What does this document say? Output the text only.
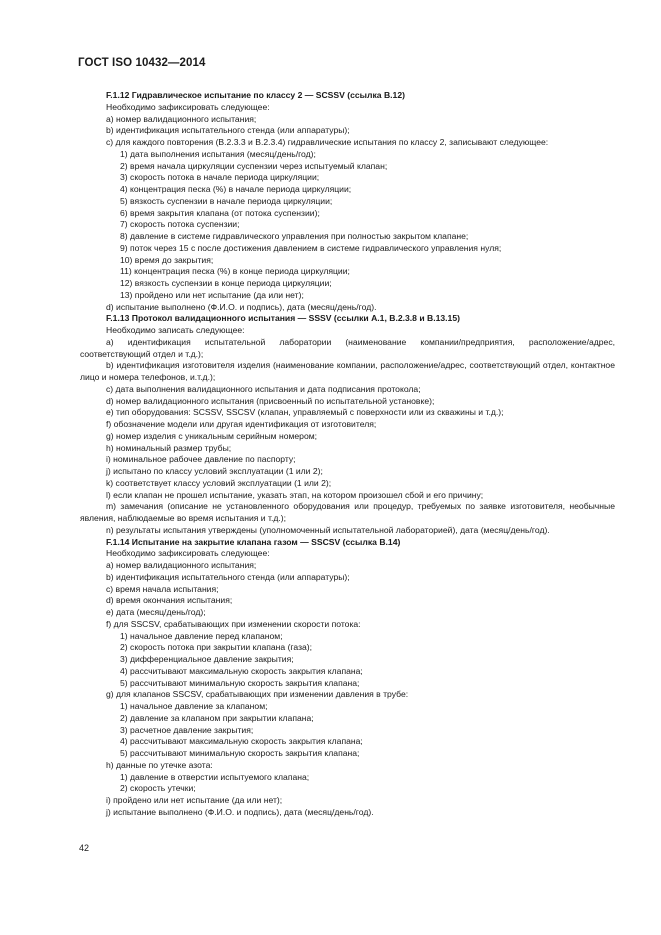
ГОСТ ISO 10432—2014

F.1.12 Гидравлическое испытание по классу 2 — SCSSV (ссылка В.12)

Необходимо зафиксировать следующее:

a) номер валидационного испытания;

b) идентификация испытательного стенда (или аппаратуры);

c) для каждого повторения (В.2.3.3 и В.2.3.4) гидравлические испытания по классу 2, записывают следующее:

1) дата выполнения испытания (месяц/день/год);

2) время начала циркуляции суспензии через испытуемый клапан;

3) скорость потока в начале периода циркуляции;

4) концентрация песка (%) в начале периода циркуляции;

5) вязкость суспензии в начале периода циркуляции;

6) время закрытия клапана (от потока суспензии);

7) скорость потока суспензии;

8) давление в системе гидравлического управления при полностью закрытом клапане;

9) поток через 15 с после достижения давлением в системе гидравлического управления нуля;

10) время до закрытия;

11) концентрация песка (%) в конце периода циркуляции;

12) вязкость суспензии в конце периода циркуляции;

13) пройдено или нет испытание (да или нет);

d) испытание выполнено (Ф.И.О. и подпись), дата (месяц/день/год).

F.1.13 Протокол валидационного испытания — SSSV (ссылки А.1, В.2.3.8 и В.13.15)

Необходимо записать следующее:

a) идентификация испытательной лаборатории (наименование компании/предприятия, расположение/адрес, соответствующий отдел и т.д.);

b) идентификация изготовителя изделия (наименование компании, расположение/адрес, соответствующий отдел, контактное лицо и номера телефонов, и.т.д.);

c) дата выполнения валидационного испытания и дата подписания протокола;

d) номер валидационного испытания (присвоенный по испытательной установке);

e) тип оборудования: SCSSV, SSCSV (клапан, управляемый с поверхности или из скважины и т.д.);

f) обозначение модели или другая идентификация от изготовителя;

g) номер изделия с уникальным серийным номером;

h) номинальный размер трубы;

i) номинальное рабочее давление по паспорту;

j) испытано по классу условий эксплуатации (1 или 2);

k) соответствует классу условий эксплуатации (1 или 2);

l) если клапан не прошел испытание, указать этап, на котором произошел сбой и его причину;

m) замечания (описание не установленного оборудования или процедур, требуемых по заявке изготовителя, необычные явления, наблюдаемые во время испытания и т.д.);

n) результаты испытания утверждены (уполномоченный испытательной лабораторией), дата (месяц/день/год).

F.1.14 Испытание на закрытие клапана газом — SSCSV (ссылка В.14)

Необходимо зафиксировать следующее:

a) номер валидационного испытания;

b) идентификация испытательного стенда (или аппаратуры);

c) время начала испытания;

d) время окончания испытания;

e) дата (месяц/день/год);

f) для SSCSV, срабатывающих при изменении скорости потока:

1) начальное давление перед клапаном;

2) скорость потока при закрытии клапана (газа);

3) дифференциальное давление закрытия;

4) рассчитывают максимальную скорость закрытия клапана;

5) рассчитывают минимальную скорость закрытия клапана;

g) для клапанов SSCSV, срабатывающих при изменении давления в трубе:

1) начальное давление за клапаном;

2) давление за клапаном при закрытии клапана;

3) расчетное давление закрытия;

4) рассчитывают максимальную скорость закрытия клапана;

5) рассчитывают минимальную скорость закрытия клапана;

h) данные по утечке азота:

1) давление в отверстии испытуемого клапана;

2) скорость утечки;

i) пройдено или нет испытание (да или нет);

j) испытание выполнено (Ф.И.О. и подпись), дата (месяц/день/год).

42
